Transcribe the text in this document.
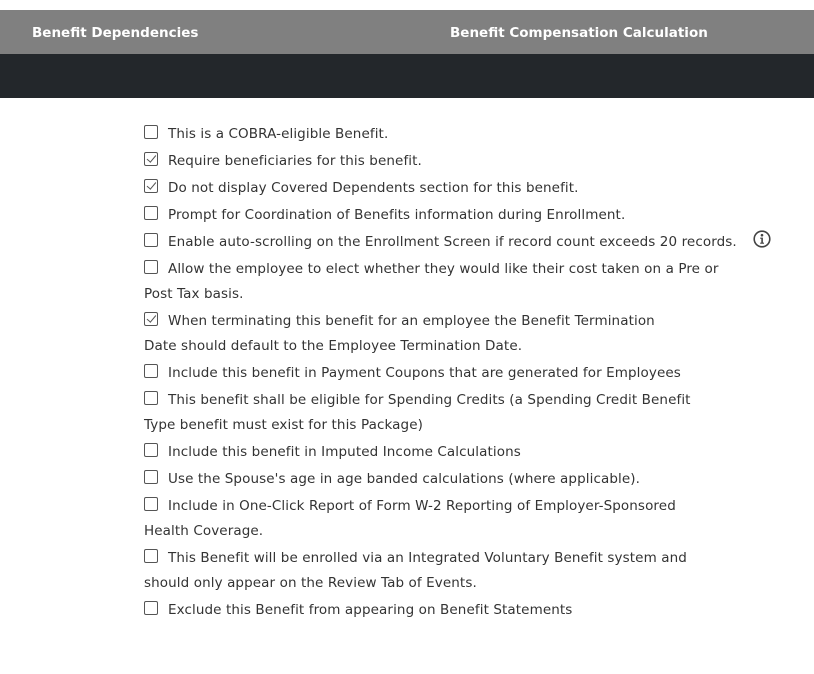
Benefit Dependencies	Benefit Compensation Calculation
This is a COBRA-eligible Benefit.
Require beneficiaries for this benefit.
Do not display Covered Dependents section for this benefit.
Prompt for Coordination of Benefits information during Enrollment.
Enable auto-scrolling on the Enrollment Screen if record count exceeds 20 records.
Allow the employee to elect whether they would like their cost taken on a Pre or
Post Tax basis.
When terminating this benefit for an employee the Benefit Termination
Date should default to the Employee Termination Date.
Include this benefit in Payment Coupons that are generated for Employees
This benefit shall be eligible for Spending Credits (a Spending Credit Benefit
Type benefit must exist for this Package)
Include this benefit in Imputed Income Calculations
Use the Spouse's age in age banded calculations (where applicable).
Include in One-Click Report of Form W-2 Reporting of Employer-Sponsored
Health Coverage.
This Benefit will be enrolled via an Integrated Voluntary Benefit system and
should only appear on the Review Tab of Events.
Exclude this Benefit from appearing on Benefit Statements
